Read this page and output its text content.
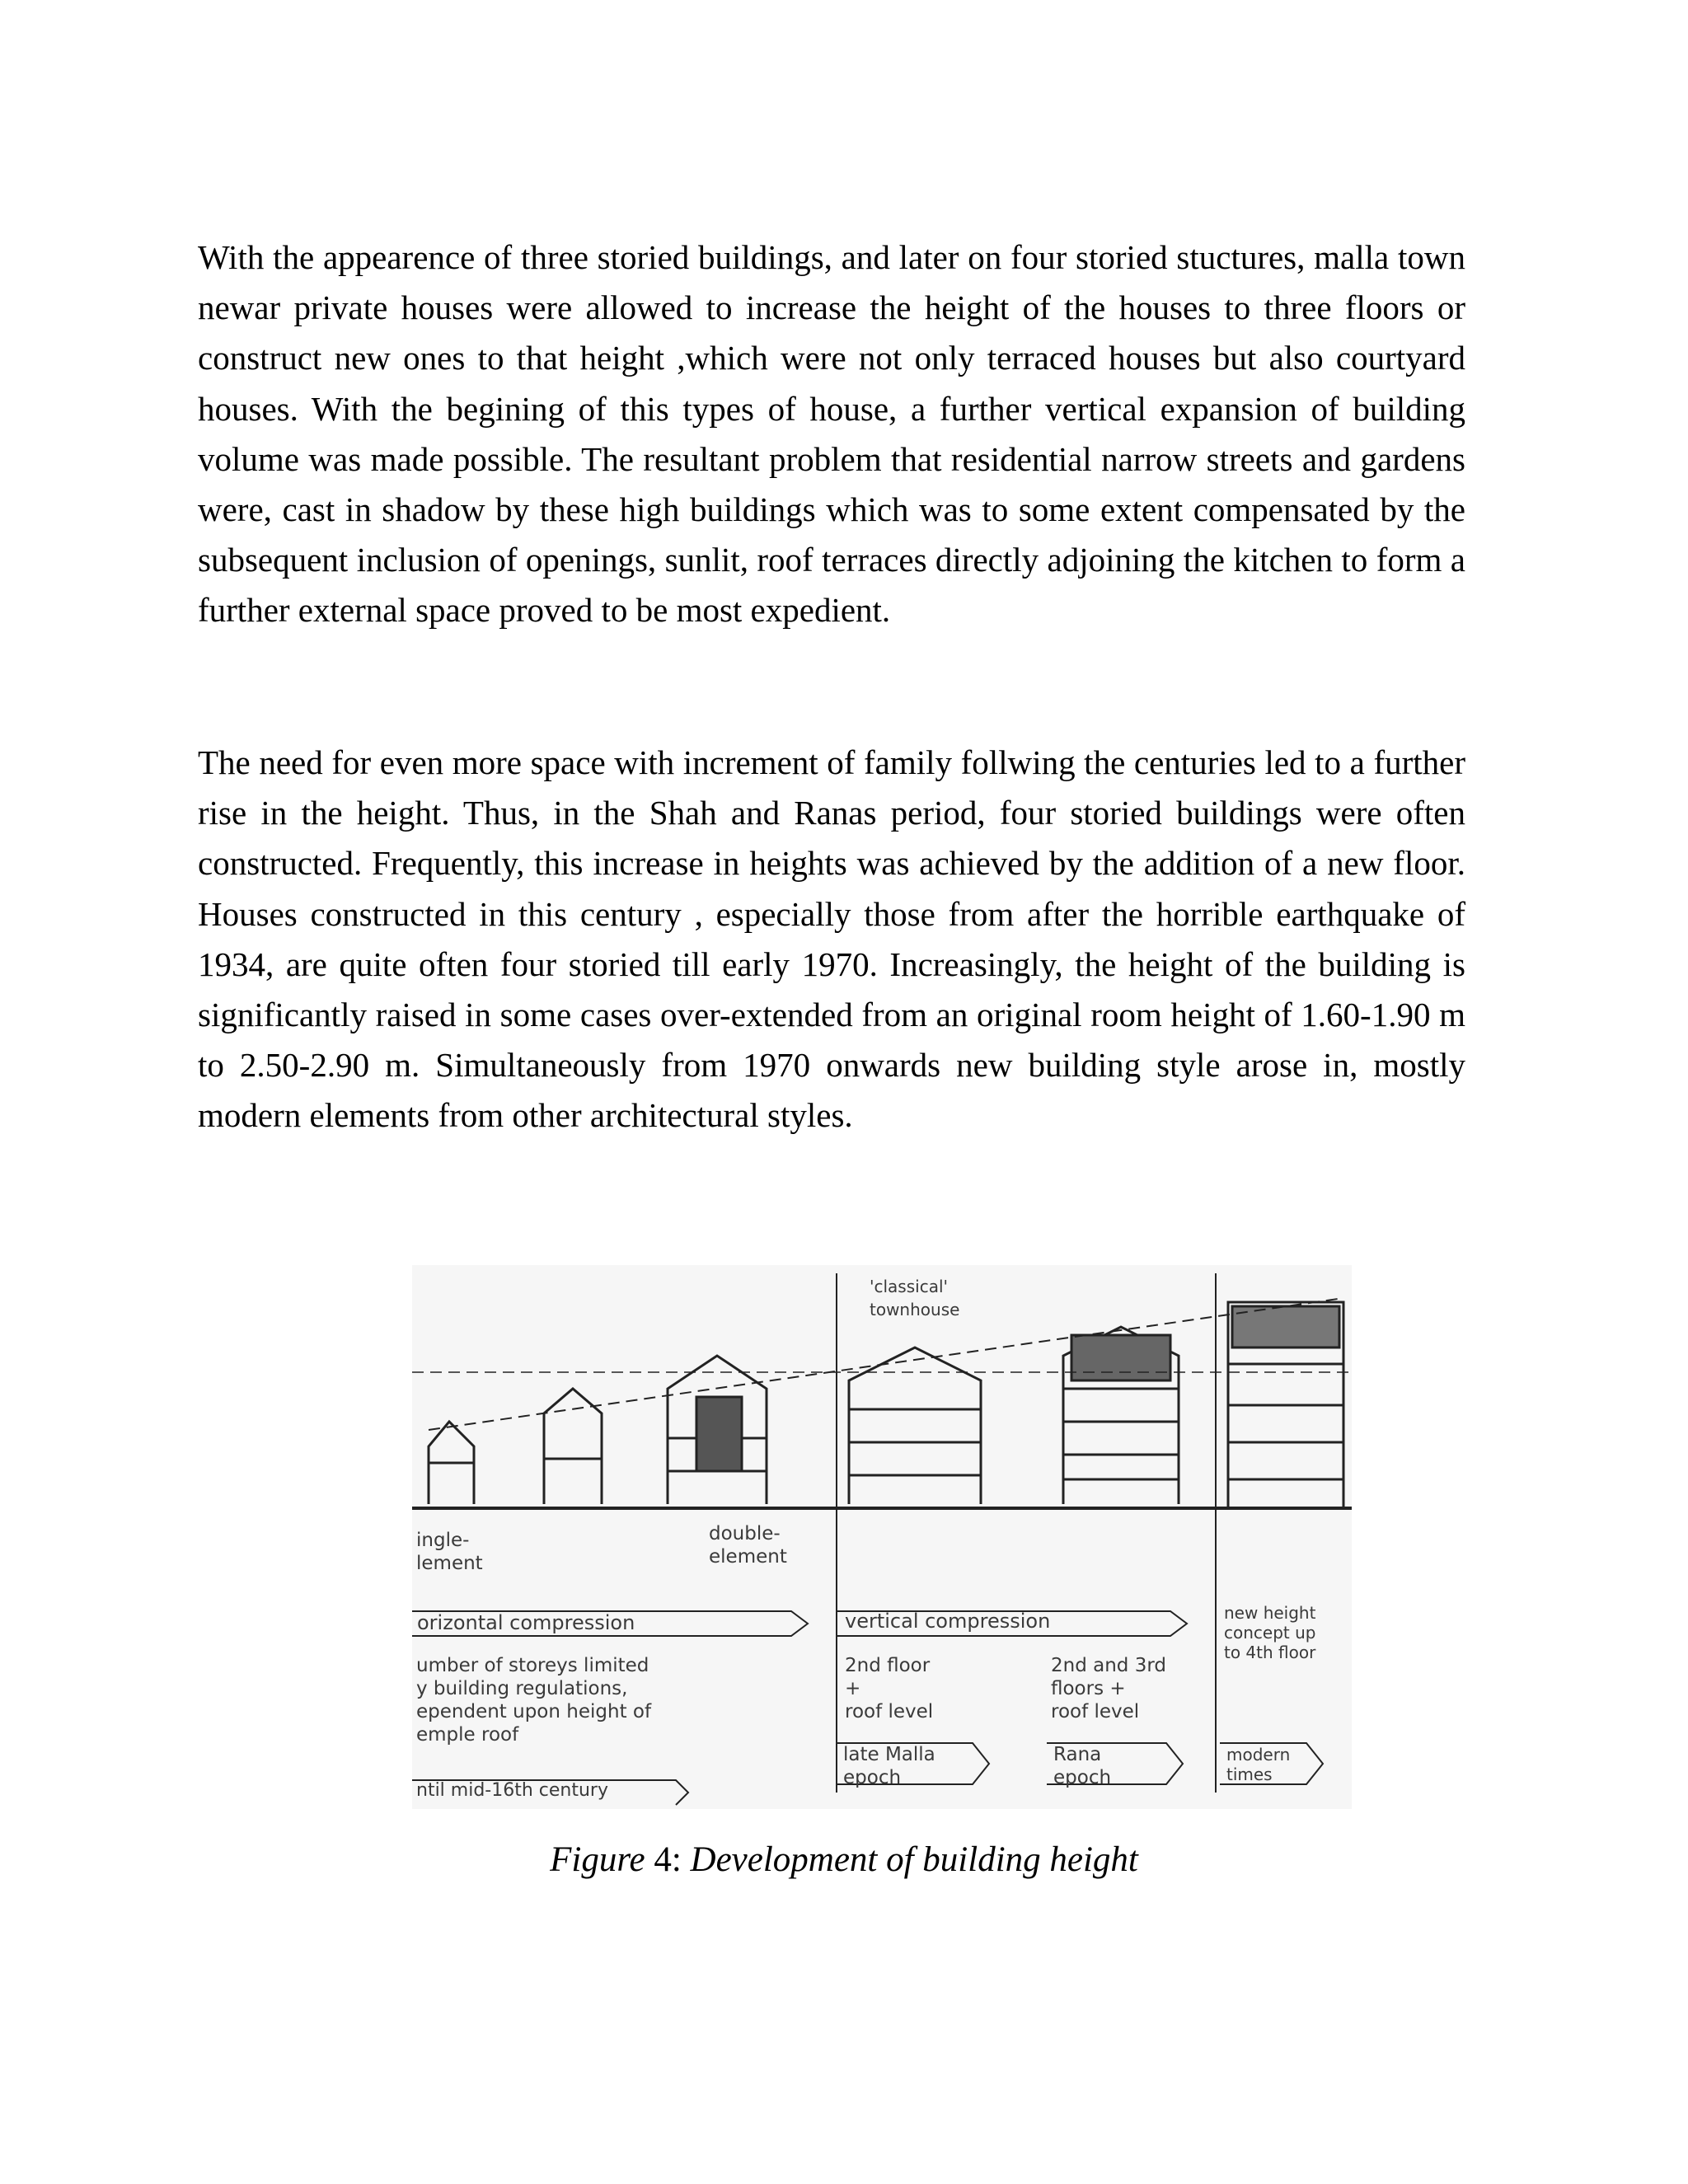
With the appearence of three storied buildings, and later on four storied stuctures, malla town newar private houses were allowed to increase the height of the houses to three floors or construct new ones to that height ,which were not only terraced houses but also courtyard houses. With the begining of this types of house, a further vertical expansion of building volume was made possible. The resultant problem that residential narrow streets and gardens were, cast in shadow by these high buildings which was to some extent compensated by the subsequent inclusion of openings, sunlit, roof terraces directly adjoining the kitchen to form a further external space proved to be most expedient.
The need for even more space with increment of family follwing the centuries led to a further rise in the height. Thus, in the Shah and Ranas period, four storied buildings were often constructed. Frequently, this increase in heights was achieved by the addition of a new floor. Houses constructed in this century , especially those from after the horrible earthquake of 1934, are quite often four storied till early 1970. Increasingly, the height of the building is significantly raised in some cases over-extended from an original room height of 1.60-1.90 m to 2.50-2.90 m. Simultaneously from 1970 onwards new building style arose in, mostly modern elements from other architectural styles.
'classical'
townhouse
ingle-
lement
double-
element
orizontal compression	vertical compression	new height
concept up
to 4th floor
umber of storeys limited
y building regulations,
ependent upon height of
emple roof
2nd floor
+
roof level
2nd and 3rd
floors +
roof level
ntil mid-16th century
late Malla
epoch
Rana
epoch
modern
times
Figure 4: Development of building height
